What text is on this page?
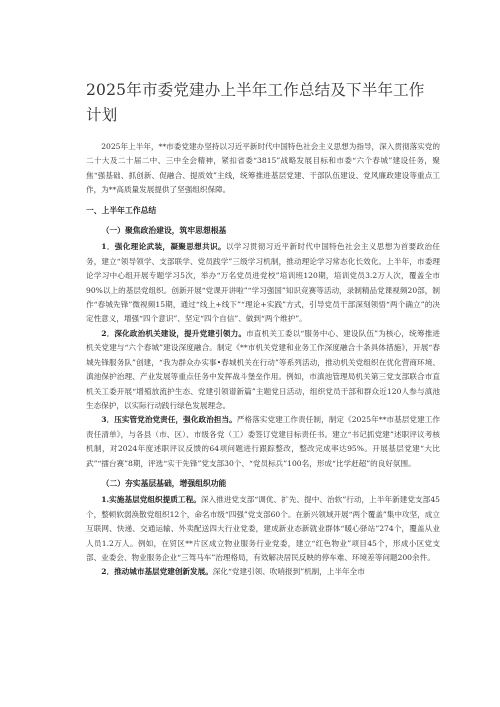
2025年市委党建办上半年工作总结及下半年工作计划

2025年上半年，**市委党建办坚持以习近平新时代中国特色社会主义思想为指导，深入贯彻落实党的二十大及二十届二中、三中全会精神，紧扣省委“3815”战略发展目标和市委“六个春城”建设任务，聚焦“强基础、抓创新、促融合、提质效”主线，统筹推进基层党建、干部队伍建设、党风廉政建设等重点工作，为**高质量发展提供了坚强组织保障。

一、上半年工作总结
（一）聚焦政治建设，筑牢思想根基

1．强化理论武装，凝聚思想共识。以学习贯彻习近平新时代中国特色社会主义思想为首要政治任务，建立“领导领学、支部联学、党员践学”三级学习机制，推动理论学习常态化长效化。上半年，市委理论学习中心组开展专题学习5次，举办“万名党员进党校”培训班120期，培训党员3.2万人次，覆盖全市90%以上的基层党组织。创新开展“党课开讲啦”“学习强国”知识竞赛等活动，录制精品党课视频20部，制作“春城先锋”微视频15期，通过“线上+线下”“理论+实践”方式，引导党员干部深刻领悟“两个确立”的决定性意义，增强“四个意识”、坚定“四个自信”、做到“两个维护”。

2．深化政治机关建设，提升党建引领力。市直机关工委以“服务中心、建设队伍”为核心，统筹推进机关党建与“六个春城”建设深度融合。制定《**市机关党建和业务工作深度融合十条具体措施》，开展“春城先锋服务队”创建，“我为群众办实事•春城机关在行动”等系列活动，推动机关党组织在优化营商环境、滇池保护治理、产业发展等重点任务中发挥战斗堡垒作用。例如，市滇池管理局机关第三党支部联合市直机关工委开展“增殖放流护生态、党建引领谱新篇”主题党日活动，组织党员干部和群众近120人参与滇池生态保护，以实际行动践行绿色发展理念。

3．压实管党治党责任，强化政治担当。严格落实党建工作责任制，制定《2025年**市基层党建工作责任清单》，与各县（市、区）、市级各党（工）委签订党建目标责任书。建立“书记抓党建”述职评议考核机制，对2024年度述职评议反馈的64项问题进行跟踪整改，整改完成率达95%。开展基层党建“大比武”“擂台赛”8期，评选“实干先锋”党支部30个、“党员标兵”100名，形成“比学赶超”的良好氛围。

（二）夯实基层基础，增强组织功能

1.实施基层党组织提质工程。深入推进党支部“调优、扩先、提中、治软”行动，上半年新建党支部45个，整顿软弱涣散党组织12个，命名市级“四强”党支部60个。在新兴领域开展“两个覆盖”集中攻坚，成立互联网、快递、交通运输、外卖配送四大行业党委，建成新业态新就业群体“暖心驿站”274个，覆盖从业人员1.2万人。例如，在贸区**片区成立物业服务行业党委，建立“红色物业”项目45个，形成小区党支部、业委会、物业服务企业“三驾马车”治理格局，有效解决居民反映的停车难、环境差等问题200余件。

2．推动城市基层党建创新发展。深化“党建引领、吹哨报到”机制，上半年全市
